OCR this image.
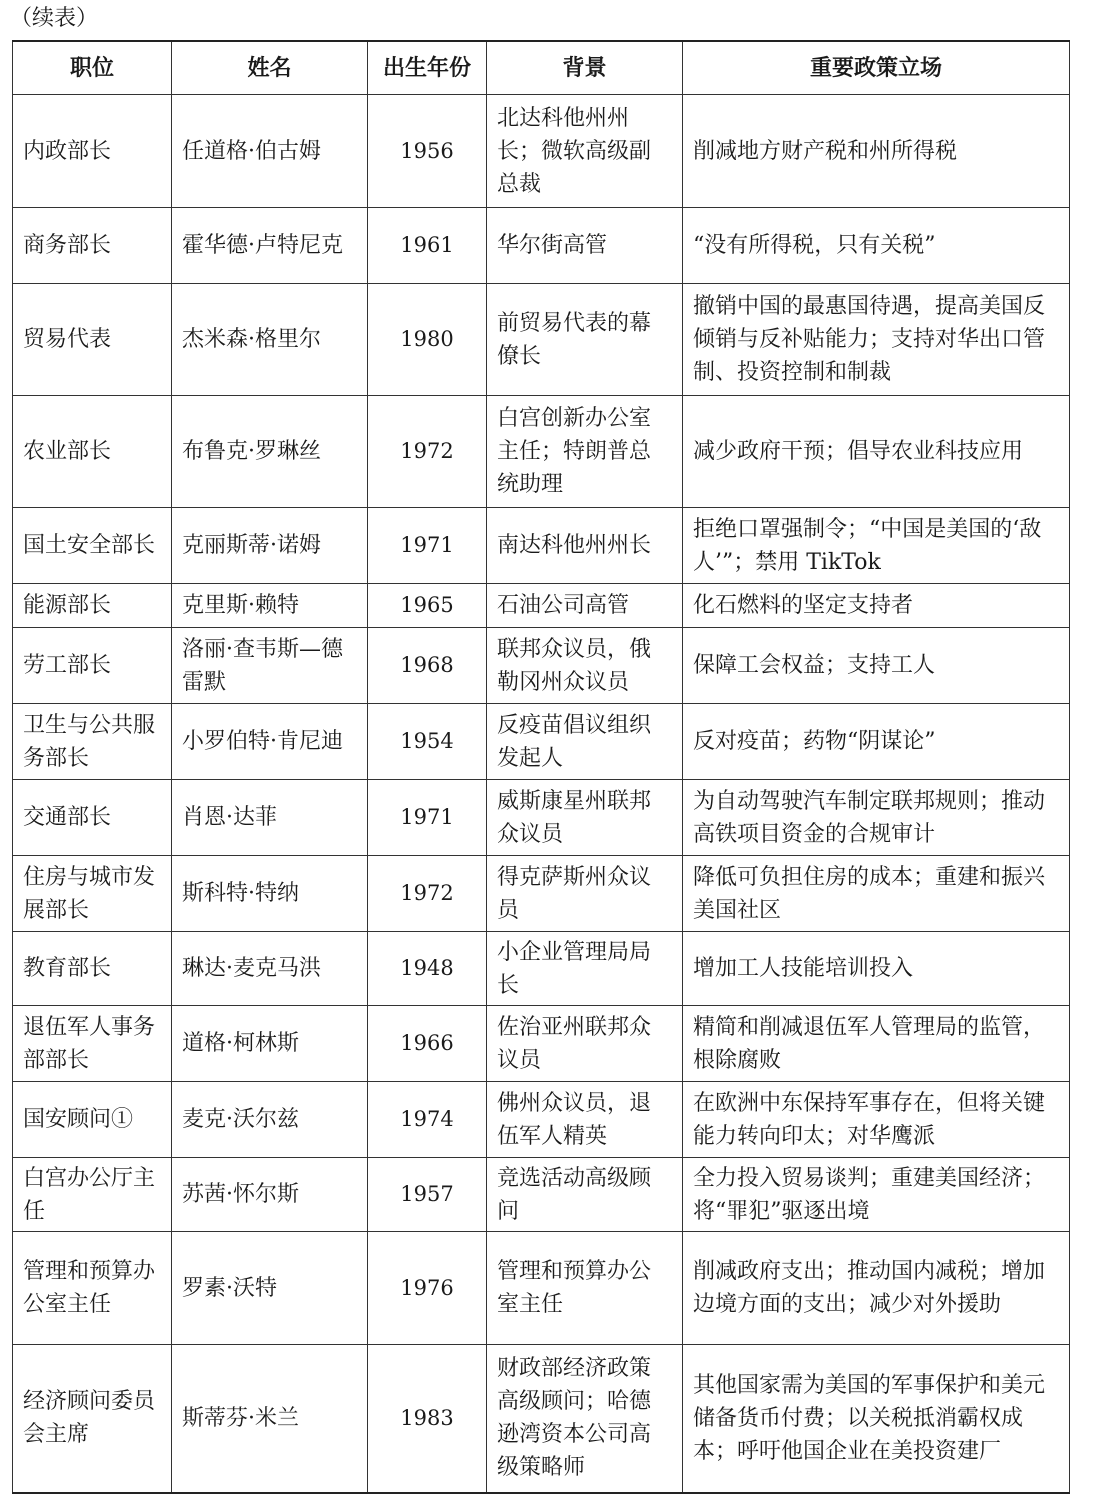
（续表）
职位	姓名	出生年份	背景	重要政策立场
内政部长	任道格·伯古姆	1956	北达科他州州长；微软高级副总裁	削减地方财产税和州所得税
商务部长	霍华德·卢特尼克	1961	华尔街高管	“没有所得税，只有关税”
贸易代表	杰米森·格里尔	1980	前贸易代表的幕僚长	撤销中国的最惠国待遇，提高美国反倾销与反补贴能力；支持对华出口管制、投资控制和制裁
农业部长	布鲁克·罗琳丝	1972	白宫创新办公室主任；特朗普总统助理	减少政府干预；倡导农业科技应用
国土安全部长	克丽斯蒂·诺姆	1971	南达科他州州长	拒绝口罩强制令；“中国是美国的‘敌人’”；禁用 TikTok
能源部长	克里斯·赖特	1965	石油公司高管	化石燃料的坚定支持者
劳工部长	洛丽·查韦斯—德雷默	1968	联邦众议员，俄勒冈州众议员	保障工会权益；支持工人
卫生与公共服务部长	小罗伯特·肯尼迪	1954	反疫苗倡议组织发起人	反对疫苗；药物“阴谋论”
交通部长	肖恩·达菲	1971	威斯康星州联邦众议员	为自动驾驶汽车制定联邦规则；推动高铁项目资金的合规审计
住房与城市发展部长	斯科特·特纳	1972	得克萨斯州众议员	降低可负担住房的成本；重建和振兴美国社区
教育部长	琳达·麦克马洪	1948	小企业管理局局长	增加工人技能培训投入
退伍军人事务部部长	道格·柯林斯	1966	佐治亚州联邦众议员	精简和削减退伍军人管理局的监管，根除腐败
国安顾问①	麦克·沃尔兹	1974	佛州众议员，退伍军人精英	在欧洲中东保持军事存在，但将关键能力转向印太；对华鹰派
白宫办公厅主任	苏茜·怀尔斯	1957	竞选活动高级顾问	全力投入贸易谈判；重建美国经济；将“罪犯”驱逐出境
管理和预算办公室主任	罗素·沃特	1976	管理和预算办公室主任	削减政府支出；推动国内减税；增加边境方面的支出；减少对外援助
经济顾问委员会主席	斯蒂芬·米兰	1983	财政部经济政策高级顾问；哈德逊湾资本公司高级策略师	其他国家需为美国的军事保护和美元储备货币付费；以关税抵消霸权成本；呼吁他国企业在美投资建厂
